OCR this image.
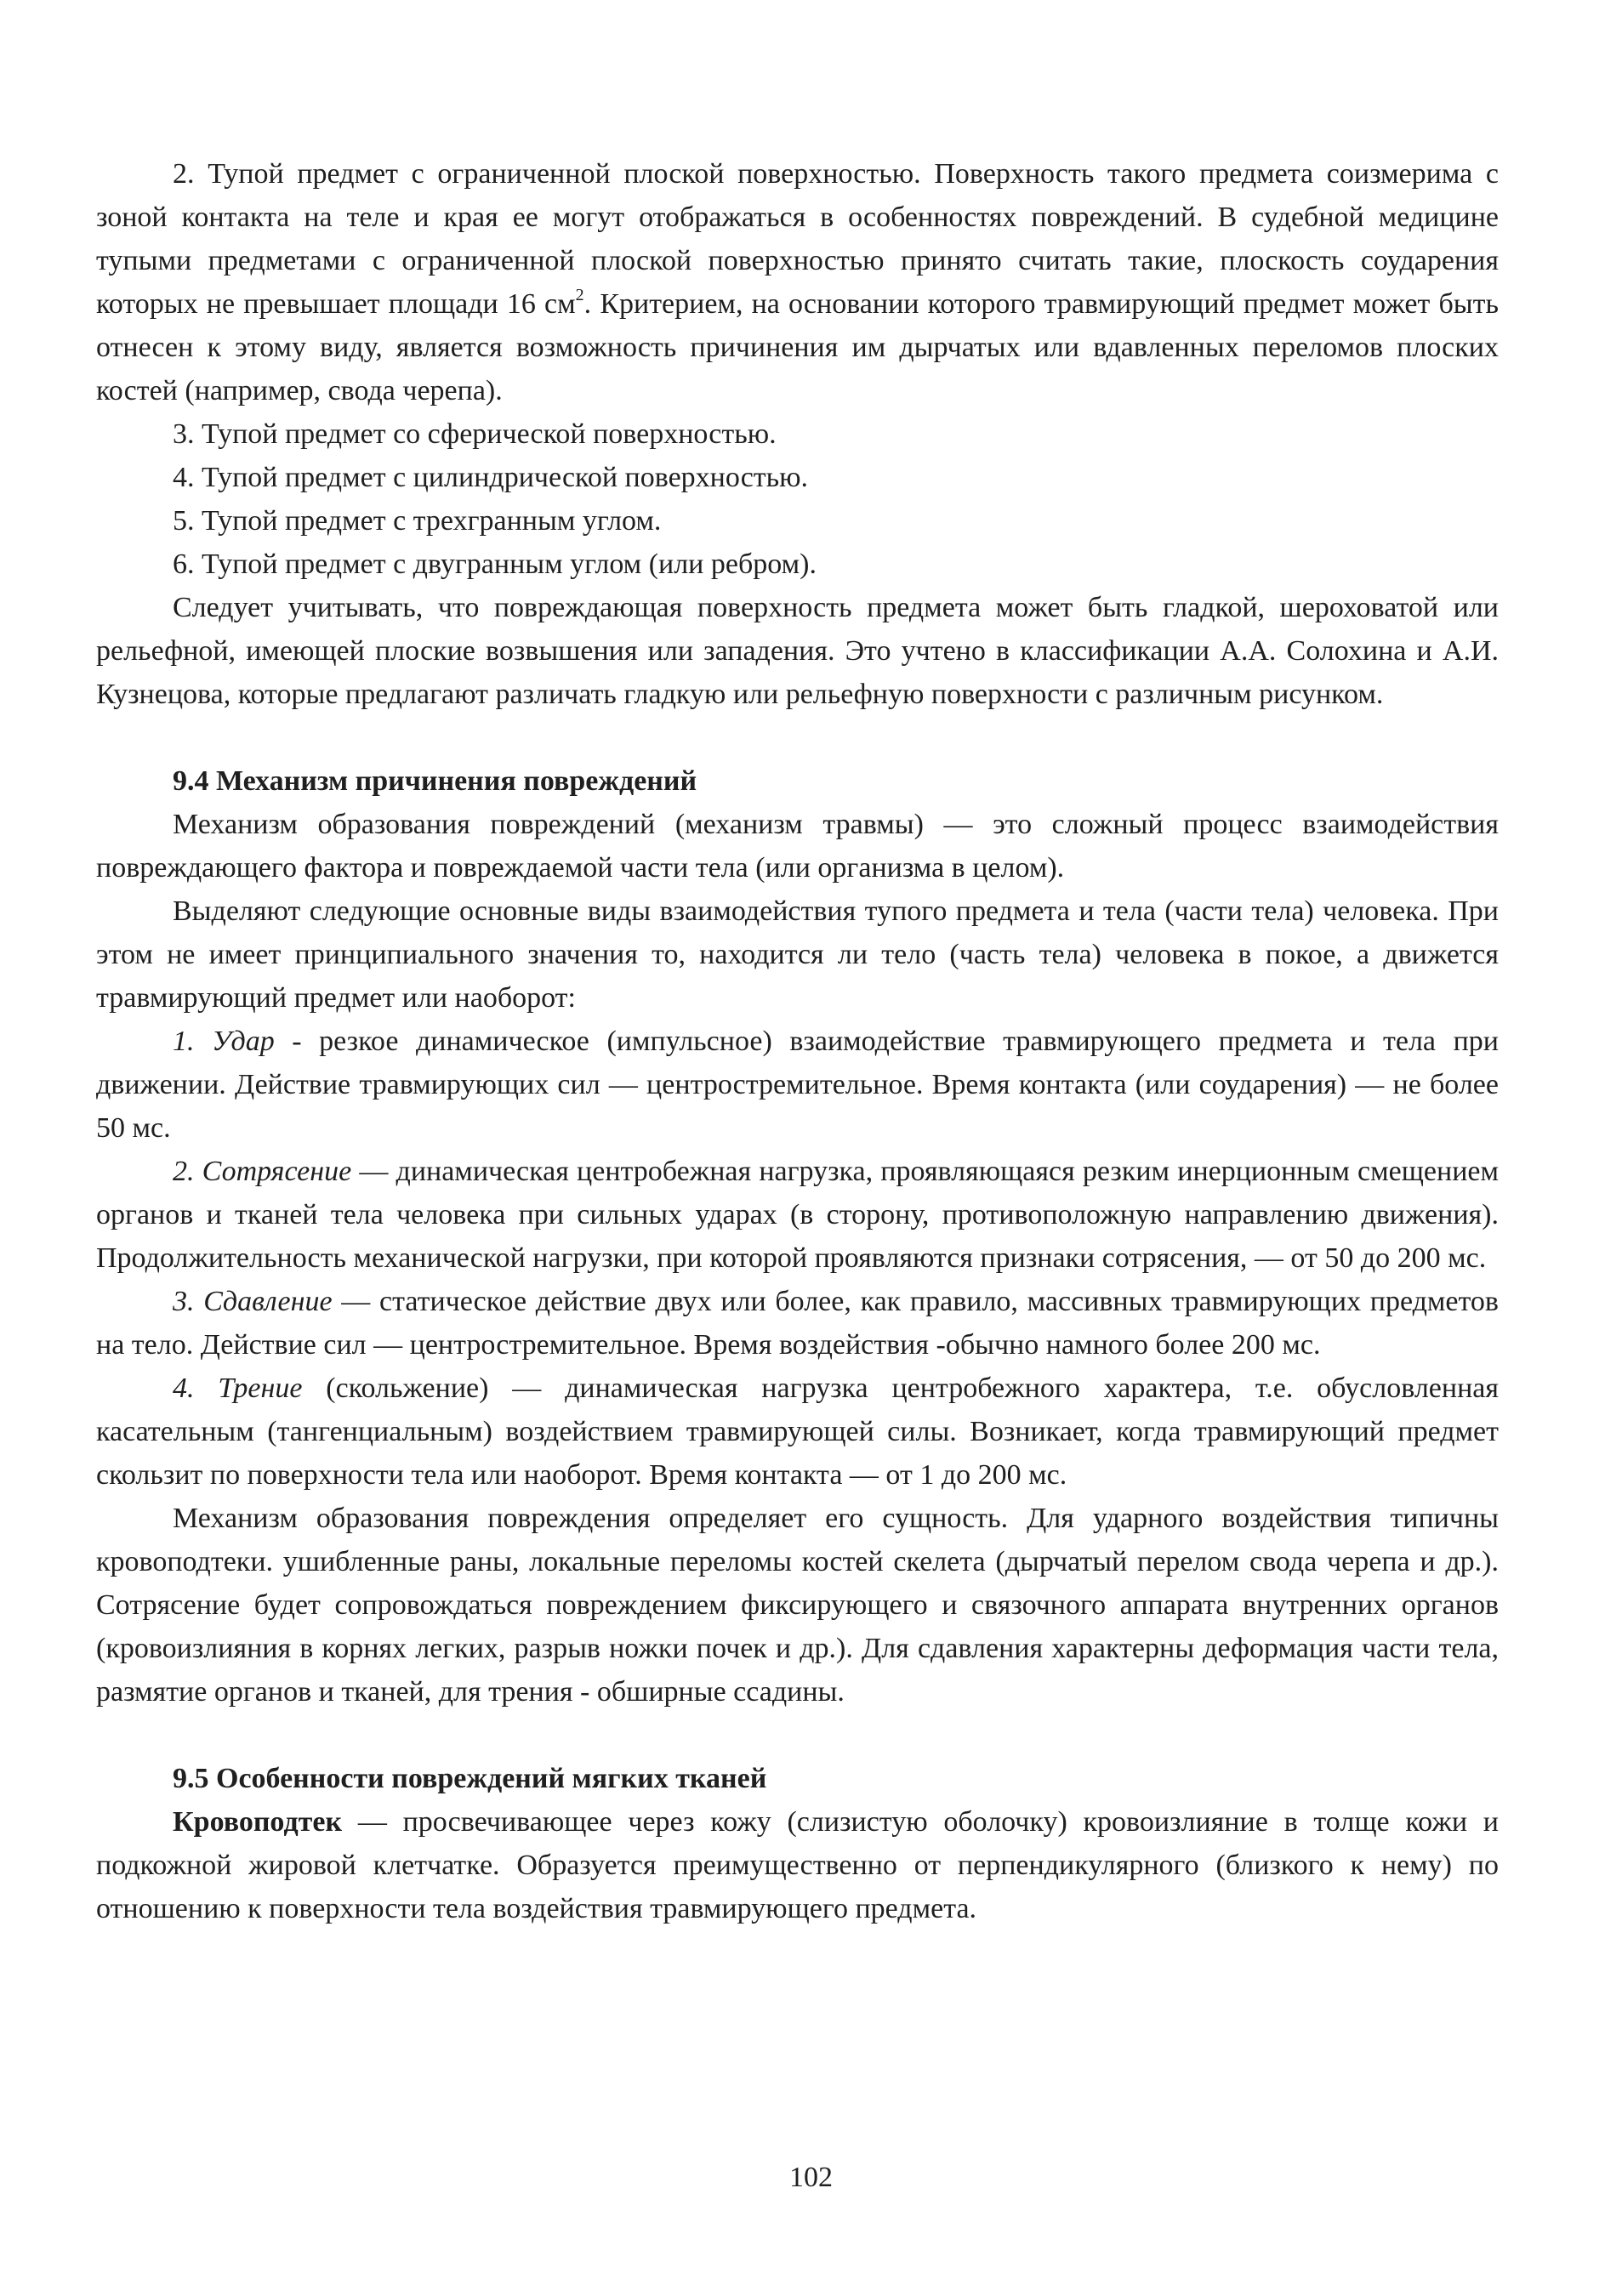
2. Тупой предмет с ограниченной плоской поверхностью. Поверхность такого предмета соизмерима с зоной контакта на теле и края ее могут отображаться в особенностях повреждений. В судебной медицине тупыми предметами с ограниченной плоской поверхностью принято считать такие, плоскость соударения которых не превышает площади 16 $см^2$. Критерием, на основании которого травмирующий предмет может быть отнесен к этому виду, является возможность причинения им дырчатых или вдавленных переломов плоских костей (например, свода черепа).

3. Тупой предмет со сферической поверхностью.

4. Тупой предмет с цилиндрической поверхностью.

5. Тупой предмет с трехгранным углом.

6. Тупой предмет с двугранным углом (или ребром).

Следует учитывать, что повреждающая поверхность предмета может быть гладкой, шероховатой или рельефной, имеющей плоские возвышения или западения. Это учтено в классификации А.А. Солохина и А.И. Кузнецова, которые предлагают различать гладкую или рельефную поверхности с различным рисунком.

9.4 Механизм причинения повреждений

Механизм образования повреждений (механизм травмы) — это сложный процесс взаимодействия повреждающего фактора и повреждаемой части тела (или организма в целом).

Выделяют следующие основные виды взаимодействия тупого предмета и тела (части тела) человека. При этом не имеет принципиального значения то, находится ли тело (часть тела) человека в покое, а движется травмирующий предмет или наоборот:

1. Удар - резкое динамическое (импульсное) взаимодействие травмирующего предмета и тела при движении. Действие травмирующих сил — центростремительное. Время контакта (или соударения) — не более 50 мс.

2. Сотрясение — динамическая центробежная нагрузка, проявляющаяся резким инерционным смещением органов и тканей тела человека при сильных ударах (в сторону, противоположную направлению движения). Продолжительность механической нагрузки, при которой проявляются признаки сотрясения, — от 50 до 200 мс.

3. Сдавление — статическое действие двух или более, как правило, массивных травмирующих предметов на тело. Действие сил — центростремительное. Время воздействия -обычно намного более 200 мс.

4. Трение (скольжение) — динамическая нагрузка центробежного характера, т.е. обусловленная касательным (тангенциальным) воздействием травмирующей силы. Возникает, когда травмирующий предмет скользит по поверхности тела или наоборот. Время контакта — от 1 до 200 мс.

Механизм образования повреждения определяет его сущность. Для ударного воздействия типичны кровоподтеки. ушибленные раны, локальные переломы костей скелета (дырчатый перелом свода черепа и др.). Сотрясение будет сопровождаться повреждением фиксирующего и связочного аппарата внутренних органов (кровоизлияния в корнях легких, разрыв ножки почек и др.). Для сдавления характерны деформация части тела, размятие органов и тканей, для трения - обширные ссадины.

9.5 Особенности повреждений мягких тканей

Кровоподтек — просвечивающее через кожу (слизистую оболочку) кровоизлияние в толще кожи и подкожной жировой клетчатке. Образуется преимущественно от перпендикулярного (близкого к нему) по отношению к поверхности тела воздействия травмирующего предмета.

102
